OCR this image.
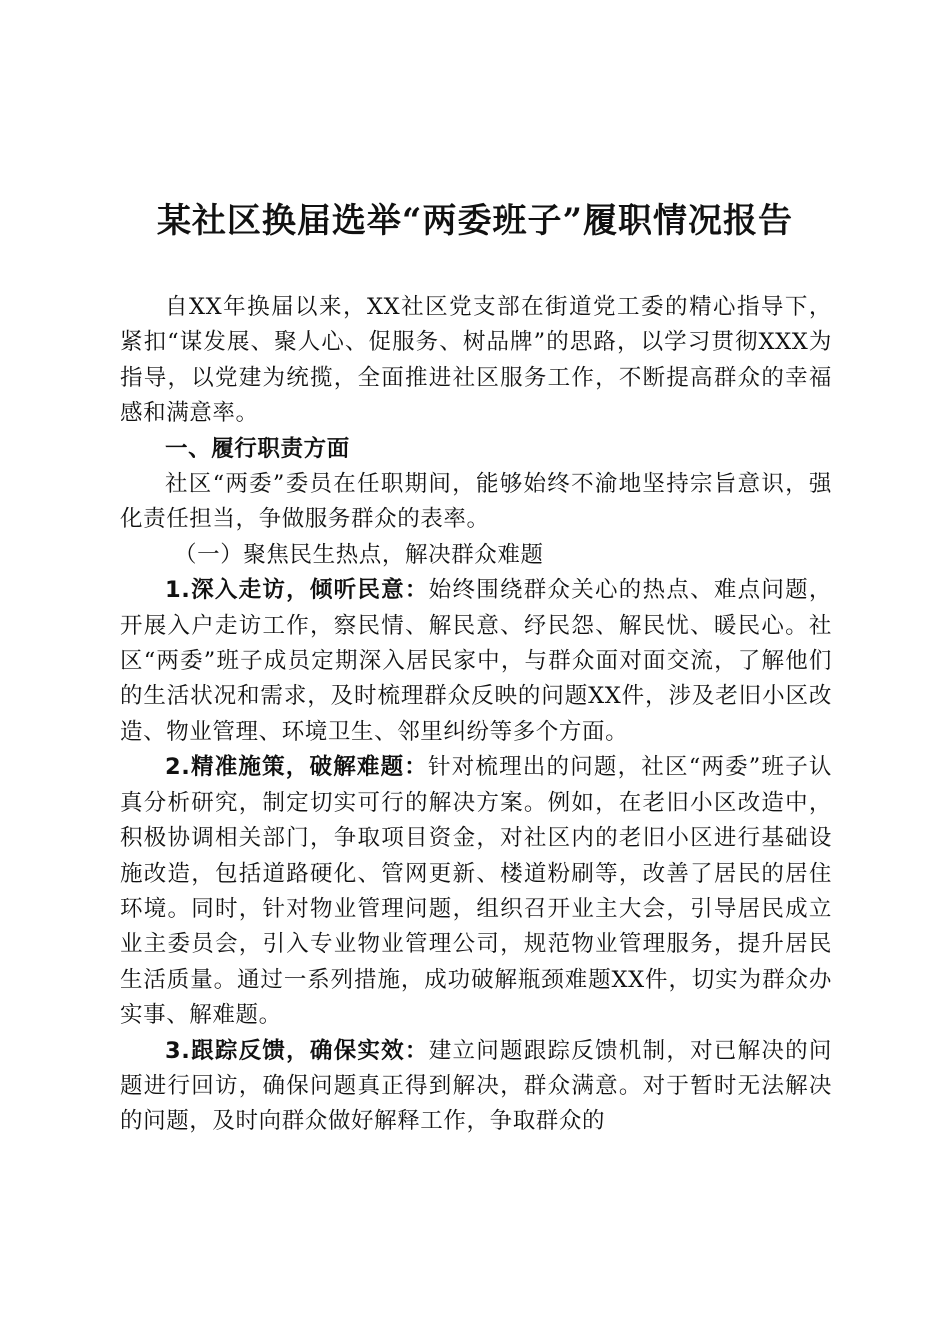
某社区换届选举“两委班子”履职情况报告

自XX年换届以来，XX社区党支部在街道党工委的精心指导下，紧扣“谋发展、聚人心、促服务、树品牌”的思路，以学习贯彻XXX为指导，以党建为统揽，全面推进社区服务工作，不断提高群众的幸福感和满意率。

一、履行职责方面

社区“两委”委员在任职期间，能够始终不渝地坚持宗旨意识，强化责任担当，争做服务群众的表率。

（一）聚焦民生热点，解决群众难题

1.深入走访，倾听民意：始终围绕群众关心的热点、难点问题，开展入户走访工作，察民情、解民意、纾民怨、解民忧、暖民心。社区“两委”班子成员定期深入居民家中，与群众面对面交流，了解他们的生活状况和需求，及时梳理群众反映的问题XX件，涉及老旧小区改造、物业管理、环境卫生、邻里纠纷等多个方面。

2.精准施策，破解难题：针对梳理出的问题，社区“两委”班子认真分析研究，制定切实可行的解决方案。例如，在老旧小区改造中，积极协调相关部门，争取项目资金，对社区内的老旧小区进行基础设施改造，包括道路硬化、管网更新、楼道粉刷等，改善了居民的居住环境。同时，针对物业管理问题，组织召开业主大会，引导居民成立业主委员会，引入专业物业管理公司，规范物业管理服务，提升居民生活质量。通过一系列措施，成功破解瓶颈难题XX件，切实为群众办实事、解难题。

3.跟踪反馈，确保实效：建立问题跟踪反馈机制，对已解决的问题进行回访，确保问题真正得到解决，群众满意。对于暂时无法解决的问题，及时向群众做好解释工作，争取群众的
